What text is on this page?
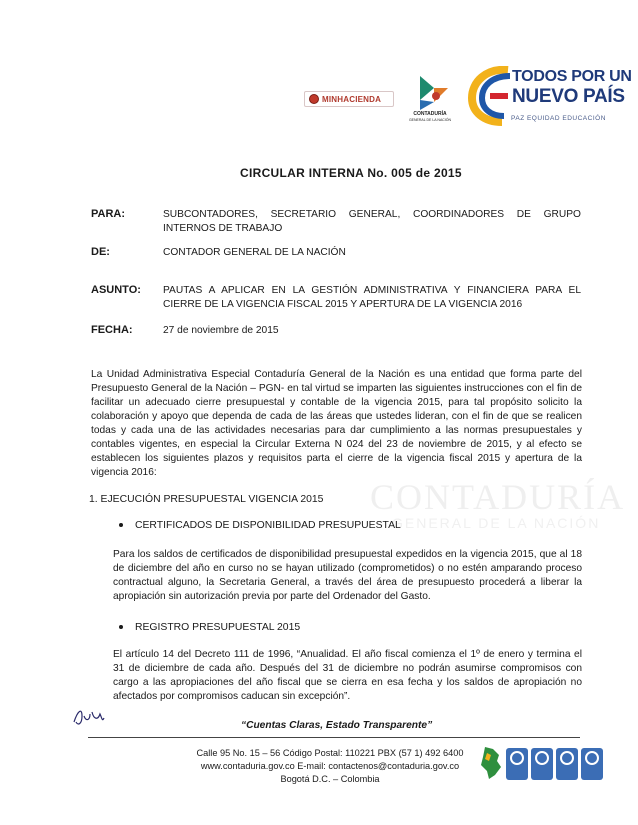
MINHACIENDA
CONTADURÍA
GENERAL DE LA NACIÓN
TODOS POR UN
NUEVO PAÍS
PAZ EQUIDAD EDUCACIÓN
CIRCULAR INTERNA No. 005 de 2015
PARA:	SUBCONTADORES, SECRETARIO GENERAL, COORDINADORES DE GRUPO INTERNOS DE TRABAJO
DE:	CONTADOR GENERAL DE LA NACIÓN
ASUNTO: PAUTAS A APLICAR EN LA GESTIÓN ADMINISTRATIVA Y FINANCIERA PARA EL CIERRE DE LA VIGENCIA FISCAL 2015 Y APERTURA DE LA VIGENCIA 2016
FECHA:	27 de noviembre de 2015
CONTADURÍA
GENERAL DE LA NACIÓN
La Unidad Administrativa Especial Contaduría General de la Nación es una entidad que forma parte del Presupuesto General de la Nación – PGN- en tal virtud se imparten las siguientes instrucciones con el fin de facilitar un adecuado cierre presupuestal y contable de la vigencia 2015, para tal propósito solicito la colaboración y apoyo que dependa de cada de las áreas que ustedes lideran, con el fin de que se realicen todas y cada una de las actividades necesarias para dar cumplimiento a las normas presupuestales y contables vigentes, en especial la Circular Externa N 024 del 23 de noviembre de 2015, y al efecto se establecen los siguientes plazos y requisitos parta el cierre de la vigencia fiscal 2015 y apertura de la vigencia 2016:
1. EJECUCIÓN PRESUPUESTAL VIGENCIA 2015
CERTIFICADOS DE DISPONIBILIDAD PRESUPUESTAL
Para los saldos de certificados de disponibilidad presupuestal expedidos en la vigencia 2015, que al 18 de diciembre del año en curso no se hayan utilizado (comprometidos) o no estén amparando proceso contractual alguno, la Secretaria General, a través del área de presupuesto procederá a liberar la apropiación sin autorización previa por parte del Ordenador del Gasto.
REGISTRO PRESUPUESTAL 2015
El artículo 14 del Decreto 111 de 1996, “Anualidad. El año fiscal comienza el 1º de enero y termina el 31 de diciembre de cada año. Después del 31 de diciembre no podrán asumirse compromisos con cargo a las apropiaciones del año fiscal que se cierra en esa fecha y los saldos de apropiación no afectados por compromisos caducan sin excepción”.
“Cuentas Claras, Estado Transparente”
Calle 95 No. 15 – 56 Código Postal: 110221 PBX (57 1) 492 6400
www.contaduria.gov.co E-mail: contactenos@contaduria.gov.co
Bogotá D.C. – Colombia
